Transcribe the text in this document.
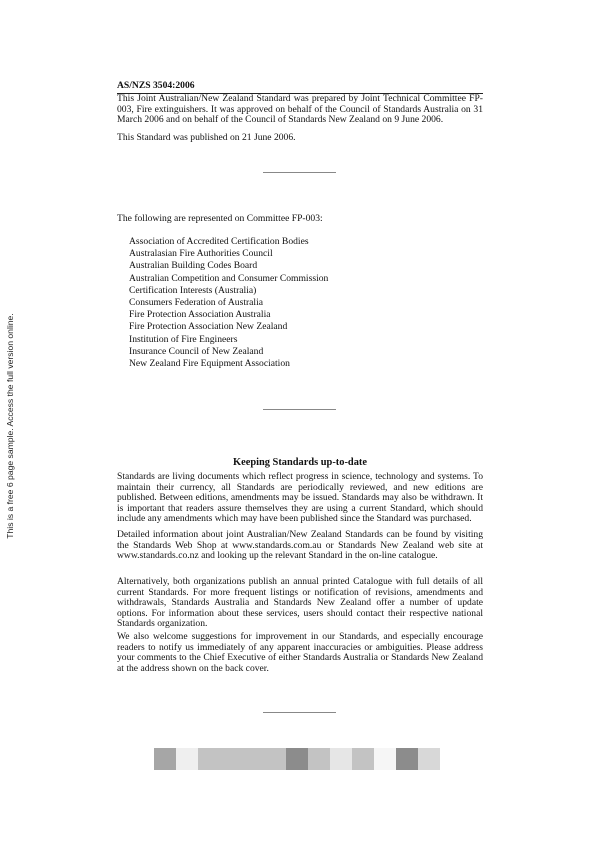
This is a free 6 page sample. Access the full version online.
AS/NZS 3504:2006

This Joint Australian/New Zealand Standard was prepared by Joint Technical Committee FP-003, Fire extinguishers. It was approved on behalf of the Council of Standards Australia on 31 March 2006 and on behalf of the Council of Standards New Zealand on 9 June 2006.

This Standard was published on 21 June 2006.

The following are represented on Committee FP-003:
Association of Accredited Certification Bodies
Australasian Fire Authorities Council
Australian Building Codes Board
Australian Competition and Consumer Commission
Certification Interests (Australia)
Consumers Federation of Australia
Fire Protection Association Australia
Fire Protection Association New Zealand
Institution of Fire Engineers
Insurance Council of New Zealand
New Zealand Fire Equipment Association
Keeping Standards up-to-date

Standards are living documents which reflect progress in science, technology and systems. To maintain their currency, all Standards are periodically reviewed, and new editions are published. Between editions, amendments may be issued. Standards may also be withdrawn. It is important that readers assure themselves they are using a current Standard, which should include any amendments which may have been published since the Standard was purchased.

Detailed information about joint Australian/New Zealand Standards can be found by visiting the Standards Web Shop at www.standards.com.au or Standards New Zealand web site at www.standards.co.nz and looking up the relevant Standard in the on-line catalogue.

Alternatively, both organizations publish an annual printed Catalogue with full details of all current Standards. For more frequent listings or notification of revisions, amendments and withdrawals, Standards Australia and Standards New Zealand offer a number of update options. For information about these services, users should contact their respective national Standards organization.

We also welcome suggestions for improvement in our Standards, and especially encourage readers to notify us immediately of any apparent inaccuracies or ambiguities. Please address your comments to the Chief Executive of either Standards Australia or Standards New Zealand at the address shown on the back cover.
